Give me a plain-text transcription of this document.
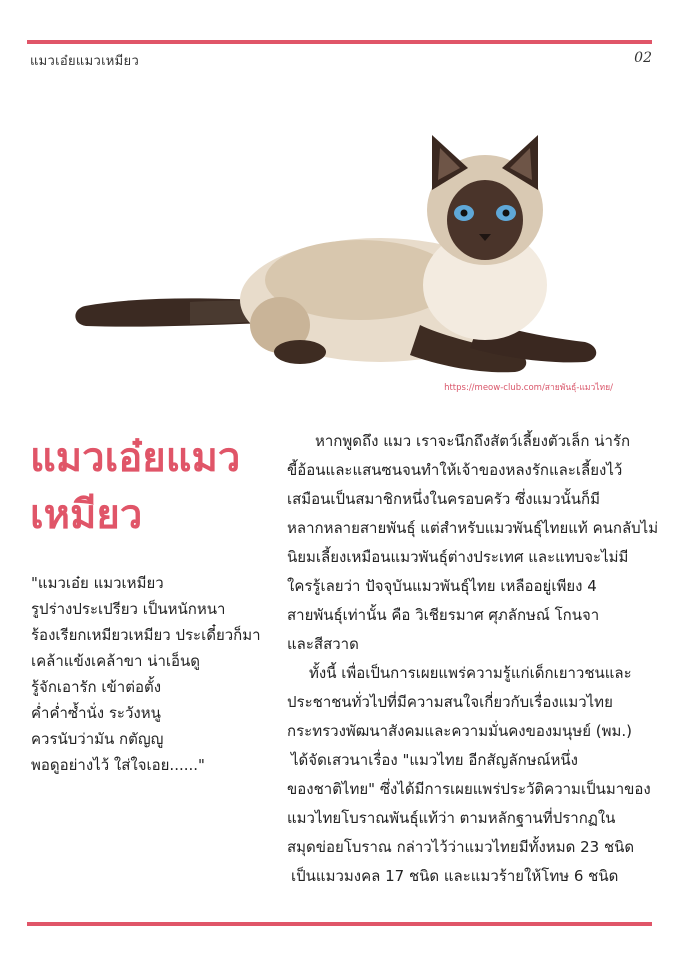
แมวเอ๋ยแมวเหมียว	02
https://meow-club.com/สายพันธุ์-แมวไทย/
แมวเอ๋ยแมว
เหมียว
"แมวเอ๋ย แมวเหมียว
รูปร่างประเปรียว เป็นหนักหนา
ร้องเรียกเหมียวเหมียว ประเดี๋ยวก็มา
เคล้าแข้งเคล้าขา น่าเอ็นดู
รู้จักเอารัก เข้าต่อตั้ง
ค่ำค่ำซ้ำนั่ง ระวังหนู
ควรนับว่ามัน กตัญญู
พอดูอย่างไว้ ใส่ใจเอย......"
หากพูดถึง แมว เราจะนึกถึงสัตว์เลี้ยงตัวเล็ก น่ารัก
ขี้อ้อนและแสนซนจนทำให้เจ้าของหลงรักและเลี้ยงไว้
เสมือนเป็นสมาชิกหนึ่งในครอบครัว ซึ่งแมวนั้นก็มี
หลากหลายสายพันธุ์ แต่สำหรับแมวพันธุ์ไทยแท้ คนกลับไม่
นิยมเลี้ยงเหมือนแมวพันธุ์ต่างประเทศ และแทบจะไม่มี
ใครรู้เลยว่า ปัจจุบันแมวพันธุ์ไทย เหลืออยู่เพียง 4
สายพันธุ์เท่านั้น คือ วิเชียรมาศ ศุภลักษณ์ โกนจา
และสีสวาด
ทั้งนี้ เพื่อเป็นการเผยแพร่ความรู้แก่เด็กเยาวชนและ
ประชาชนทั่วไปที่มีความสนใจเกี่ยวกับเรื่องแมวไทย
กระทรวงพัฒนาสังคมและความมั่นคงของมนุษย์ (พม.)
ได้จัดเสวนาเรื่อง "แมวไทย อีกสัญลักษณ์หนึ่ง
ของชาติไทย" ซึ่งได้มีการเผยแพร่ประวัติความเป็นมาของ
แมวไทยโบราณพันธุ์แท้ว่า ตามหลักฐานที่ปรากฏใน
สมุดข่อยโบราณ กล่าวไว้ว่าแมวไทยมีทั้งหมด 23 ชนิด
เป็นแมวมงคล 17 ชนิด และแมวร้ายให้โทษ 6 ชนิด
